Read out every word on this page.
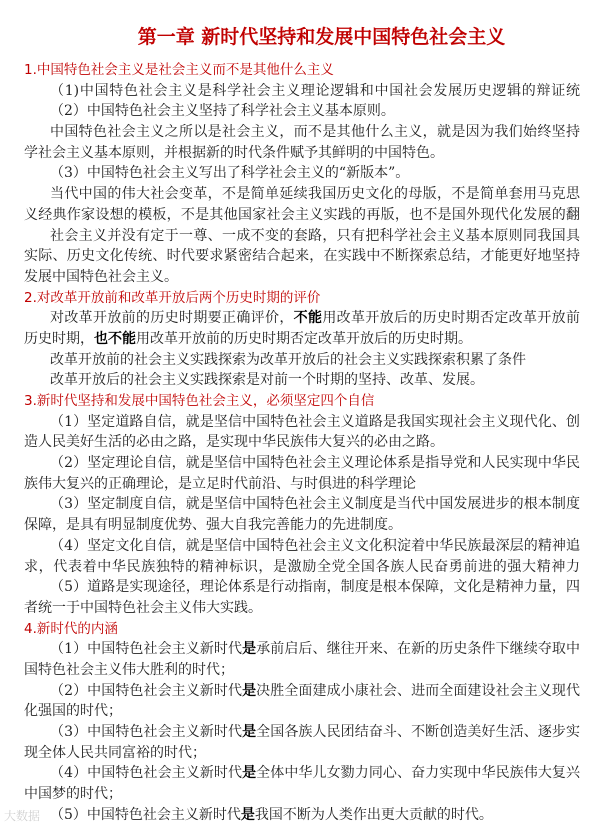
第一章 新时代坚持和发展中国特色社会主义
1.中国特色社会主义是社会主义而不是其他什么主义
（1)中国特色社会主义是科学社会主义理论逻辑和中国社会发展历史逻辑的辩证统
（2）中国特色社会主义坚持了科学社会主义基本原则。
中国特色社会主义之所以是社会主义，而不是其他什么主义，就是因为我们始终坚持
学社会主义基本原则，并根据新的时代条件赋予其鲜明的中国特色。
（3）中国特色社会主义写出了科学社会主义的“新版本”。
当代中国的伟大社会变革，不是简单延续我国历史文化的母版，不是简单套用马克思
义经典作家设想的模板，不是其他国家社会主义实践的再版，也不是国外现代化发展的翻
社会主义并没有定于一尊、一成不变的套路，只有把科学社会主义基本原则同我国具
实际、历史文化传统、时代要求紧密结合起来，在实践中不断探索总结，才能更好地坚持
发展中国特色社会主义。
2.对改革开放前和改革开放后两个历史时期的评价
对改革开放前的历史时期要正确评价，不能用改革开放后的历史时期否定改革开放前
历史时期，也不能用改革开放前的历史时期否定改革开放后的历史时期。
改革开放前的社会主义实践探索为改革开放后的社会主义实践探索积累了条件
改革开放后的社会主义实践探索是对前一个时期的坚持、改革、发展。
3.新时代坚持和发展中国特色社会主义，必须坚定四个自信
（1）坚定道路自信，就是坚信中国特色社会主义道路是我国实现社会主义现代化、创
造人民美好生活的必由之路，是实现中华民族伟大复兴的必由之路。
（2）坚定理论自信，就是坚信中国特色社会主义理论体系是指导党和人民实现中华民
族伟大复兴的正确理论，是立足时代前沿、与时俱进的科学理论
（3）坚定制度自信，就是坚信中国特色社会主义制度是当代中国发展进步的根本制度
保障，是具有明显制度优势、强大自我完善能力的先进制度。
（4）坚定文化自信，就是坚信中国特色社会主义文化积淀着中华民族最深层的精神追
求，代表着中华民族独特的精神标识，是激励全党全国各族人民奋勇前进的强大精神力
（5）道路是实现途径，理论体系是行动指南，制度是根本保障，文化是精神力量，四
者统一于中国特色社会主义伟大实践。
4.新时代的内涵
（1）中国特色社会主义新时代是承前启后、继往开来、在新的历史条件下继续夺取中
国特色社会主义伟大胜利的时代；
（2）中国特色社会主义新时代是决胜全面建成小康社会、进而全面建设社会主义现代
化强国的时代；
（3）中国特色社会主义新时代是全国各族人民团结奋斗、不断创造美好生活、逐步实
现全体人民共同富裕的时代；
（4）中国特色社会主义新时代是全体中华儿女勠力同心、奋力实现中华民族伟大复兴
中国梦的时代；
（5）中国特色社会主义新时代是我国不断为人类作出更大贡献的时代。
大数据
